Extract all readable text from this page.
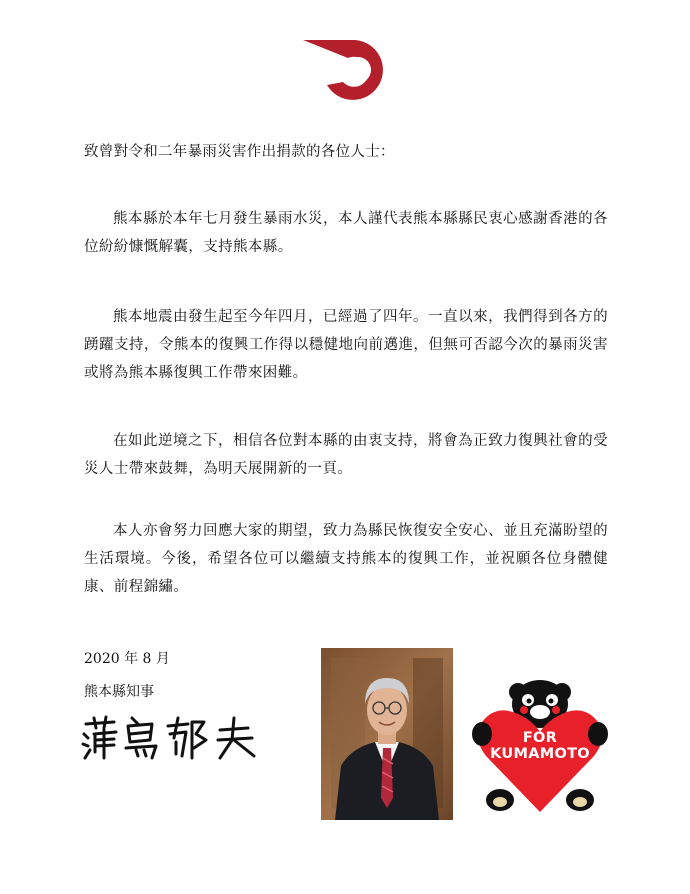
致曾對令和二年暴雨災害作出捐款的各位人士：

熊本縣於本年七月發生暴雨水災，本人謹代表熊本縣縣民衷心感謝香港的各位紛紛慷慨解囊，支持熊本縣。

熊本地震由發生起至今年四月，已經過了四年。一直以來，我們得到各方的踴躍支持，令熊本的復興工作得以穩健地向前邁進，但無可否認今次的暴雨災害或將為熊本縣復興工作帶來困難。

在如此逆境之下，相信各位對本縣的由衷支持，將會為正致力復興社會的受災人士帶來鼓舞，為明天展開新的一頁。

本人亦會努力回應大家的期望，致力為縣民恢復安全安心、並且充滿盼望的生活環境。今後，希望各位可以繼續支持熊本的復興工作，並祝願各位身體健康、前程錦繡。

2020 年 8 月
熊本縣知事
FOR
KUMAMOTO
